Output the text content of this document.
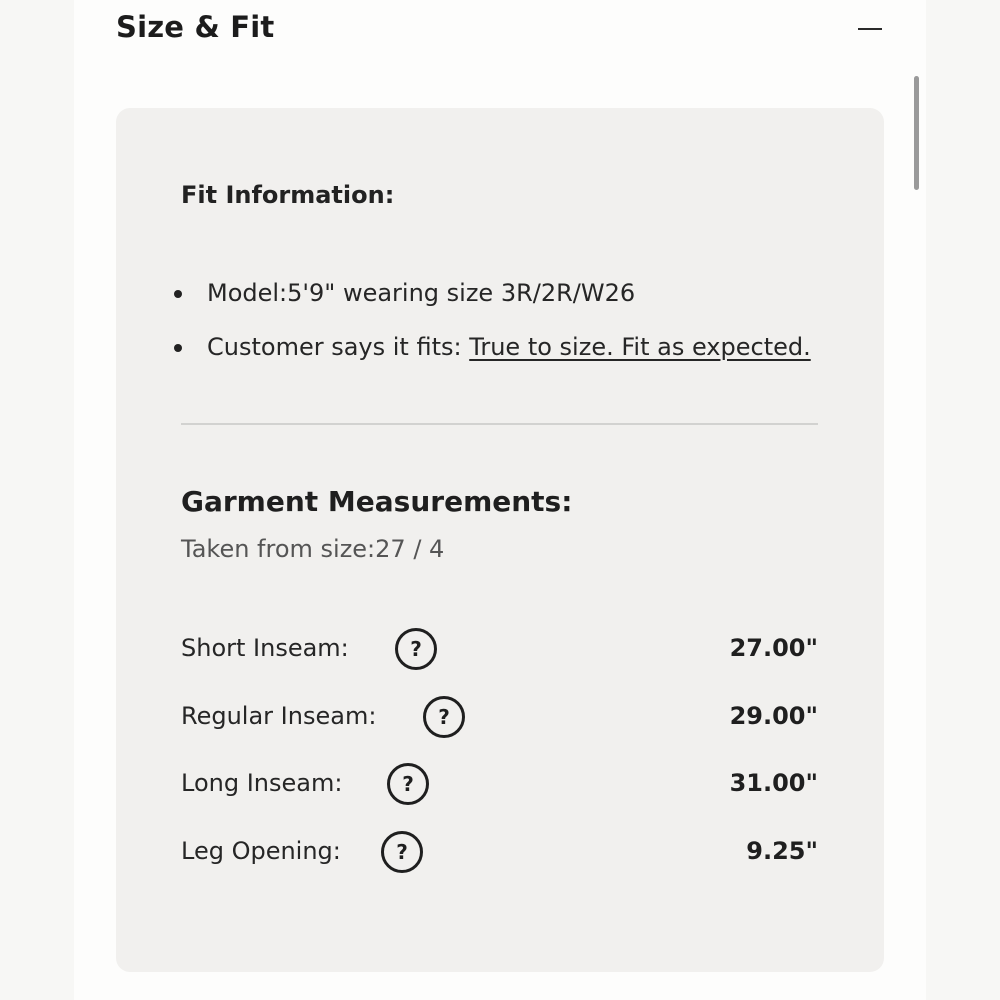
Size & Fit
Fit Information:
Model:5'9" wearing size 3R/2R/W26
Customer says it fits: True to size. Fit as expected.
Garment Measurements:
Taken from size:27 / 4
Short Inseam:	?	27.00"
Regular Inseam:	?	29.00"
Long Inseam:	?	31.00"
Leg Opening:	?	9.25"
